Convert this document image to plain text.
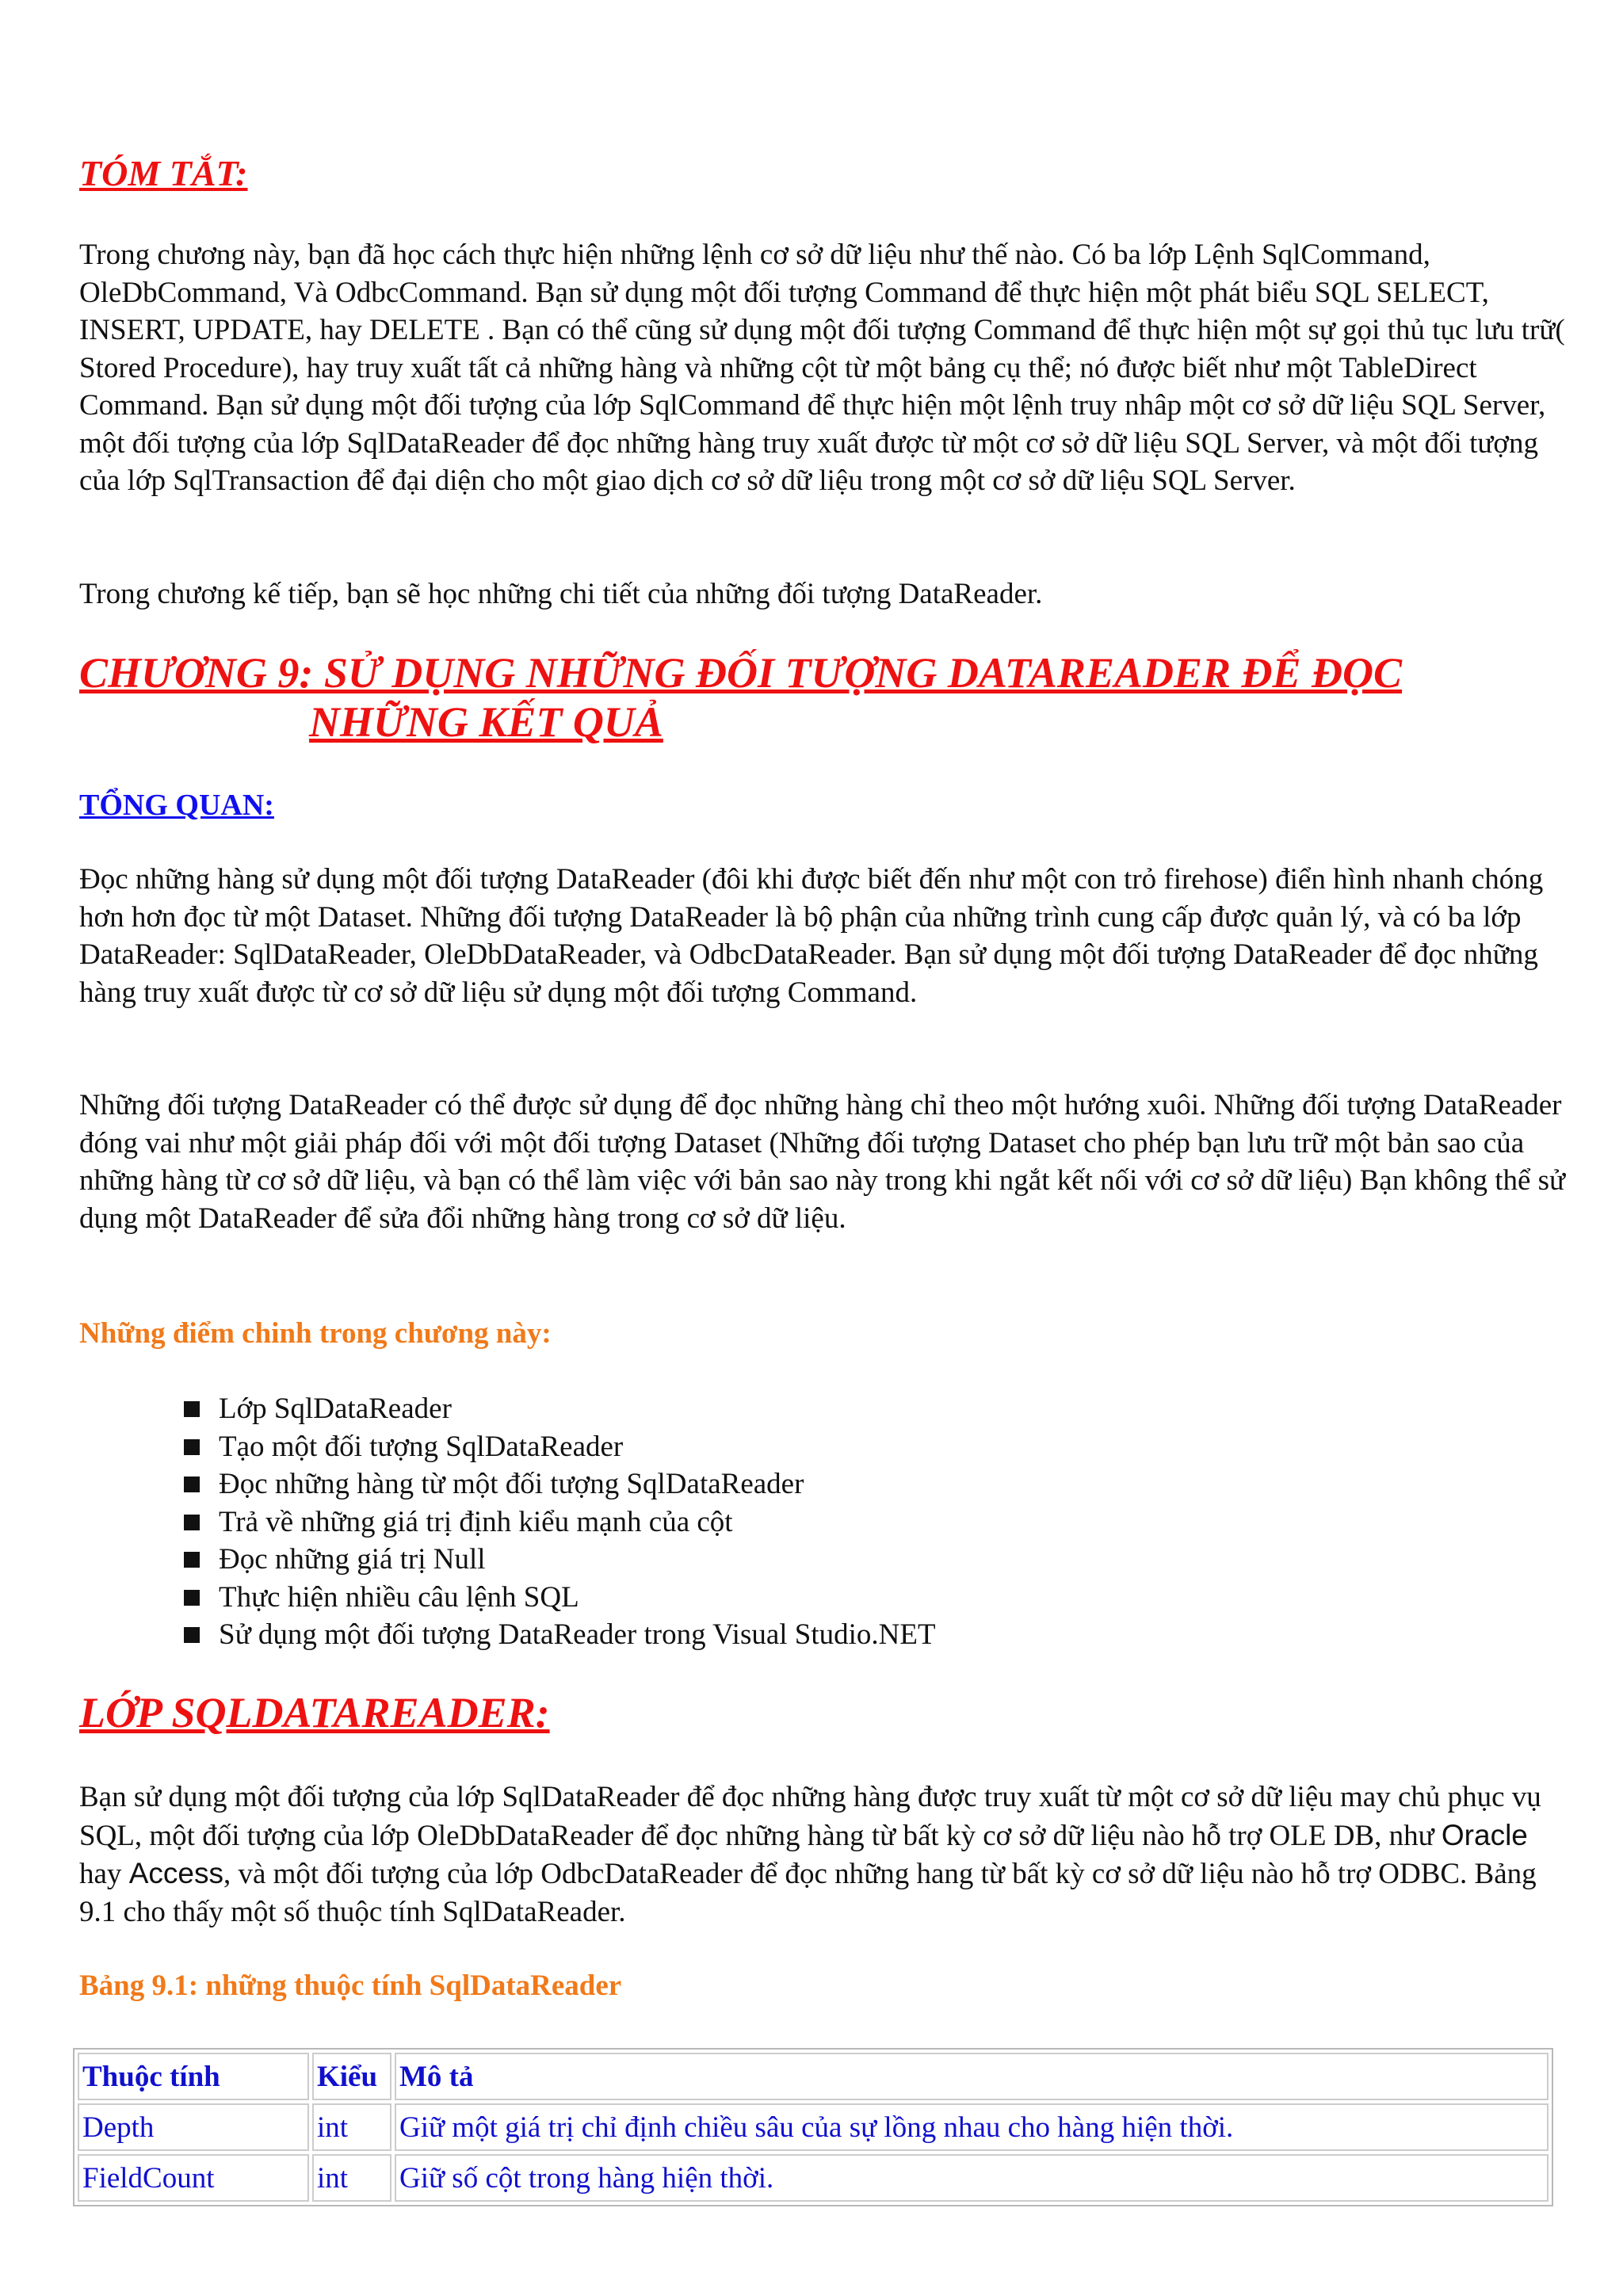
TÓM TẮT:

Trong chương này, bạn đã học cách thực hiện những lệnh cơ sở dữ liệu như thế nào. Có ba lớp Lệnh SqlCommand, OleDbCommand, Và OdbcCommand. Bạn sử dụng một đối tượng Command để thực hiện một phát biểu SQL SELECT, INSERT, UPDATE, hay DELETE . Bạn có thể cũng sử dụng một đối tượng Command để thực hiện một sự gọi thủ tục lưu trữ( Stored Procedure), hay truy xuất tất cả những hàng và những cột từ một bảng cụ thể; nó được biết như một TableDirect Command. Bạn sử dụng một đối tượng của lớp SqlCommand để thực hiện một lệnh truy nhâp một cơ sở dữ liệu SQL Server, một đối tượng của lớp SqlDataReader để đọc những hàng truy xuất được từ một cơ sở dữ liệu SQL Server, và một đối tượng của lớp SqlTransaction để đại diện cho một giao dịch cơ sở dữ liệu trong một cơ sở dữ liệu SQL Server.

Trong chương kế tiếp, bạn sẽ học những chi tiết của những đối tượng DataReader.

CHƯƠNG 9: SỬ DỤNG NHỮNG ĐỐI TƯỢNG DATAREADER ĐỂ ĐỌC
NHỮNG KẾT QUẢ
TỔNG QUAN:

Đọc những hàng sử dụng một đối tượng DataReader (đôi khi được biết đến như một con trỏ firehose) điển hình nhanh chóng hơn hơn đọc từ một Dataset. Những đối tượng DataReader là bộ phận của những trình cung cấp được quản lý, và có ba lớp DataReader: SqlDataReader, OleDbDataReader, và OdbcDataReader. Bạn sử dụng một đối tượng DataReader để đọc những hàng truy xuất được từ cơ sở dữ liệu sử dụng một đối tượng Command.

Những đối tượng DataReader có thể được sử dụng để đọc những hàng chỉ theo một hướng xuôi. Những đối tượng DataReader đóng vai như một giải pháp đối với một đối tượng Dataset (Những đối tượng Dataset cho phép bạn lưu trữ một bản sao của những hàng từ cơ sở dữ liệu, và bạn có thể làm việc với bản sao này trong khi ngắt kết nối với cơ sở dữ liệu) Bạn không thể sử dụng một DataReader để sửa đổi những hàng trong cơ sở dữ liệu.

Những điểm chinh trong chương này:
Lớp SqlDataReader
Tạo một đối tượng SqlDataReader
Đọc những hàng từ một đối tượng SqlDataReader
Trả về những giá trị định kiểu mạnh của cột
Đọc những giá trị Null
Thực hiện nhiều câu lệnh SQL
Sử dụng một đối tượng DataReader trong Visual Studio.NET
LỚP SQLDATAREADER:

Bạn sử dụng một đối tượng của lớp SqlDataReader để đọc những hàng được truy xuất từ một cơ sở dữ liệu may chủ phục vụ SQL, một đối tượng của lớp OleDbDataReader để đọc những hàng từ bất kỳ cơ sở dữ liệu nào hỗ trợ OLE DB, như Oracle hay Access, và một đối tượng của lớp OdbcDataReader để đọc những hang từ bất kỳ cơ sở dữ liệu nào hỗ trợ ODBC. Bảng 9.1 cho thấy một số thuộc tính SqlDataReader.

Bảng 9.1: những thuộc tính SqlDataReader
Thuộc tính	Kiểu	Mô tả
Depth	int	Giữ một giá trị chỉ định chiều sâu của sự lồng nhau cho hàng hiện thời.
FieldCount	int	Giữ số cột trong hàng hiện thời.
